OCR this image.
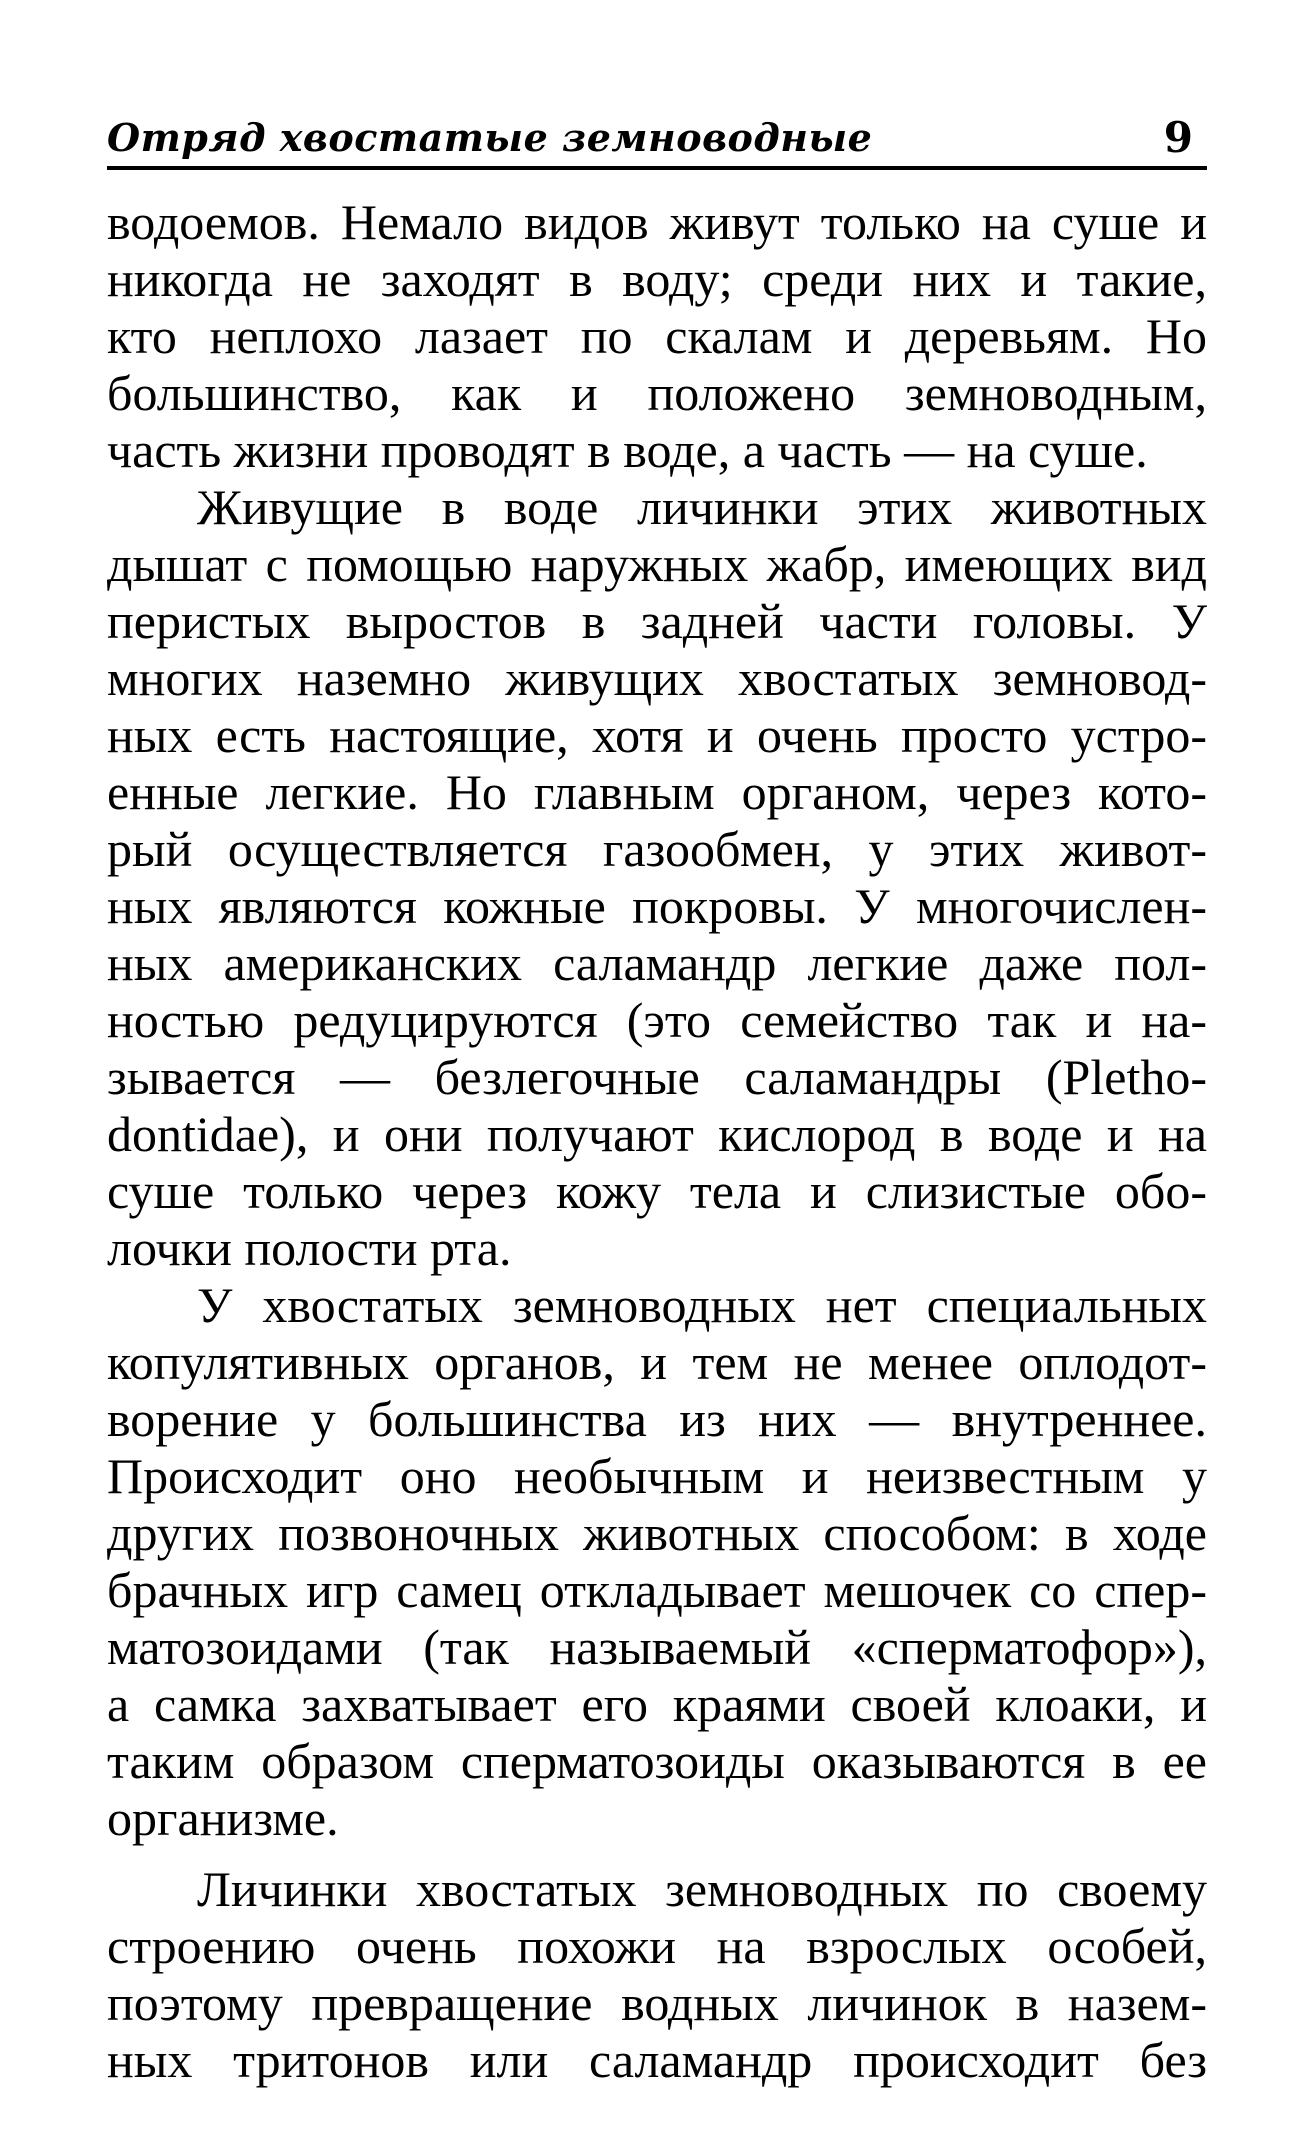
Отряд хвостатые земноводные	9
водоемов. Немало видов живут только на суше и
никогда не заходят в воду; среди них и такие,
кто неплохо лазает по скалам и деревьям. Но
большинство, как и положено земноводным,
часть жизни проводят в воде, а часть — на суше.
Живущие в воде личинки этих животных
дышат с помощью наружных жабр, имеющих вид
перистых выростов в задней части головы. У
многих наземно живущих хвостатых земновод-
ных есть настоящие, хотя и очень просто устро-
енные легкие. Но главным органом, через кото-
рый осуществляется газообмен, у этих живот-
ных являются кожные покровы. У многочислен-
ных американских саламандр легкие даже пол-
ностью редуцируются (это семейство так и на-
зывается — безлегочные саламандры (Pletho-
dontidae), и они получают кислород в воде и на
суше только через кожу тела и слизистые обо-
лочки полости рта.
У хвостатых земноводных нет специальных
копулятивных органов, и тем не менее оплодот-
ворение у большинства из них — внутреннее.
Происходит оно необычным и неизвестным у
других позвоночных животных способом: в ходе
брачных игр самец откладывает мешочек со спер-
матозоидами (так называемый «сперматофор»),
а самка захватывает его краями своей клоаки, и
таким образом сперматозоиды оказываются в ее
организме.
Личинки хвостатых земноводных по своему
строению очень похожи на взрослых особей,
поэтому превращение водных личинок в назем-
ных тритонов или саламандр происходит без
